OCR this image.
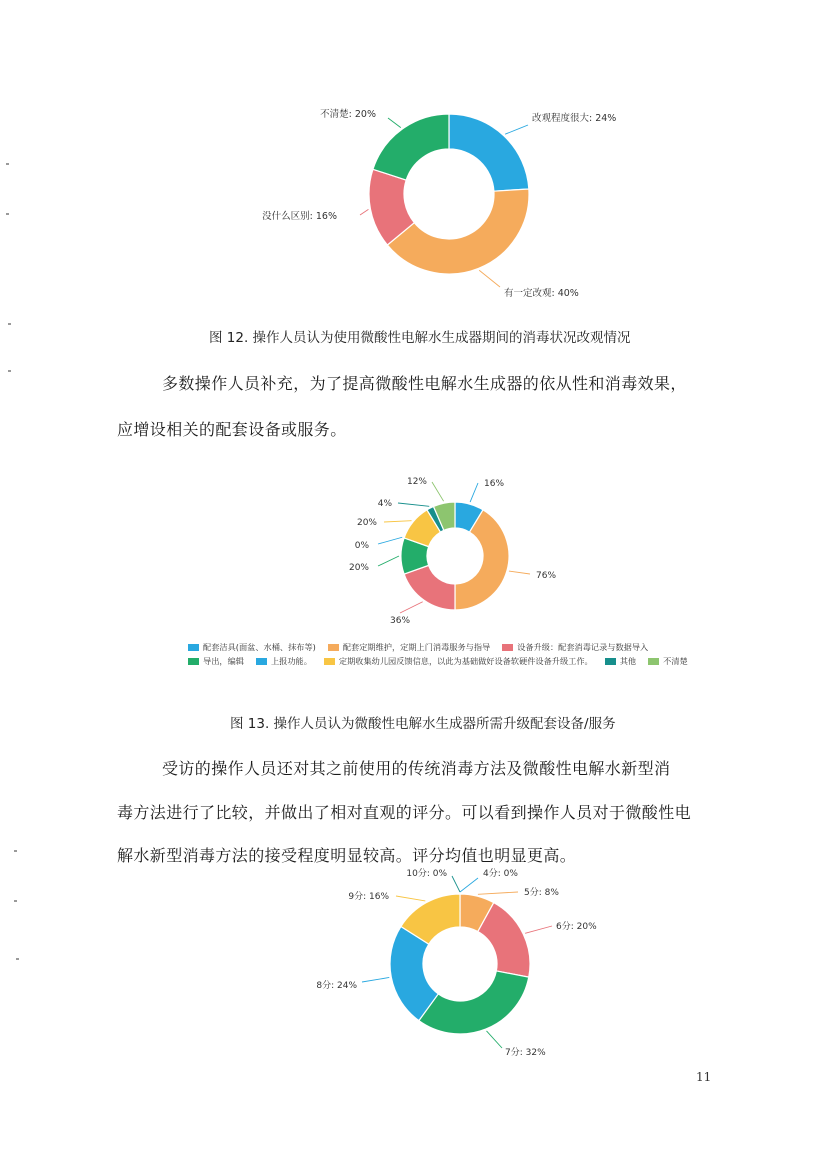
改观程度很大: 24%
有一定改观: 40%
没什么区别: 16%
不清楚: 20%
16%
76%
36%
20%
0%
20%
4%
12%
4分: 0%
5分: 8%
6分: 20%
7分: 32%
8分: 24%
9分: 16%
10分: 0%
图 12. 操作人员认为使用微酸性电解水生成器期间的消毒状况改观情况
多数操作人员补充，为了提高微酸性电解水生成器的依从性和消毒效果，
应增设相关的配套设备或服务。
配套洁具(面盆、水桶、抹布等)	配套定期维护，定期上门消毒服务与指导	设备升级：配套消毒记录与数据导入
导出，编辑	上报功能。	定期收集幼儿园反馈信息，以此为基础做好设备软硬件设备升级工作。	其他	不清楚
图 13. 操作人员认为微酸性电解水生成器所需升级配套设备/服务
受访的操作人员还对其之前使用的传统消毒方法及微酸性电解水新型消
毒方法进行了比较，并做出了相对直观的评分。可以看到操作人员对于微酸性电
解水新型消毒方法的接受程度明显较高。评分均值也明显更高。
11
